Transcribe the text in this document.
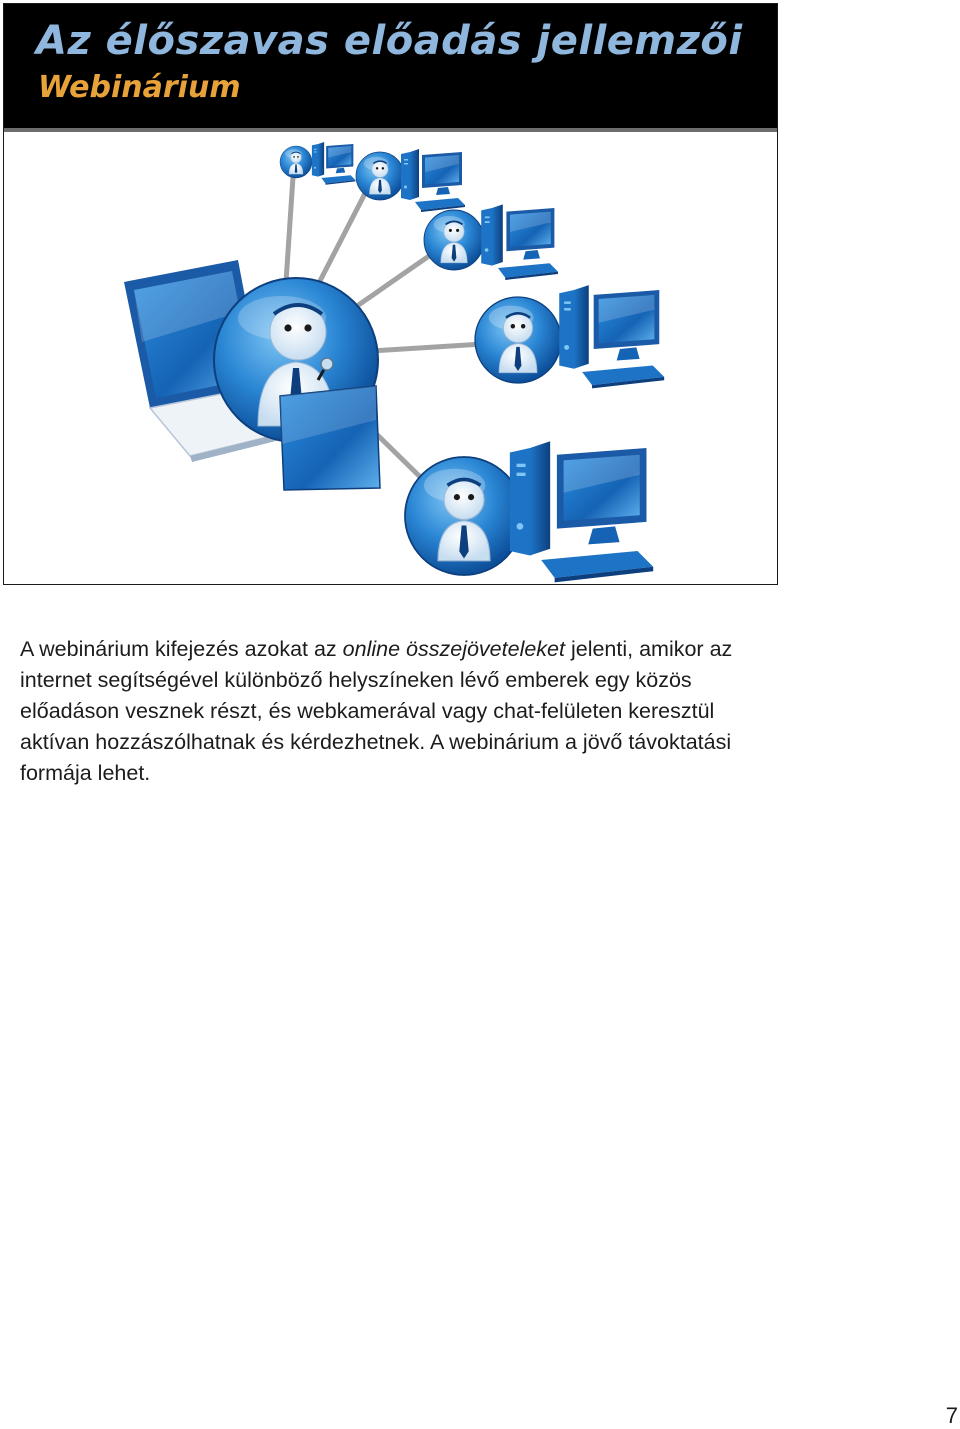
Az élőszavas előadás jellemzői
Webinárium

A webinárium kifejezés azokat az online összejöveteleket jelenti, amikor az internet segítségével különböző helyszíneken lévő emberek egy közös előadáson vesznek részt, és webkamerával vagy chat-felületen keresztül aktívan hozzászólhatnak és kérdezhetnek. A webinárium a jövő távoktatási formája lehet.

7
